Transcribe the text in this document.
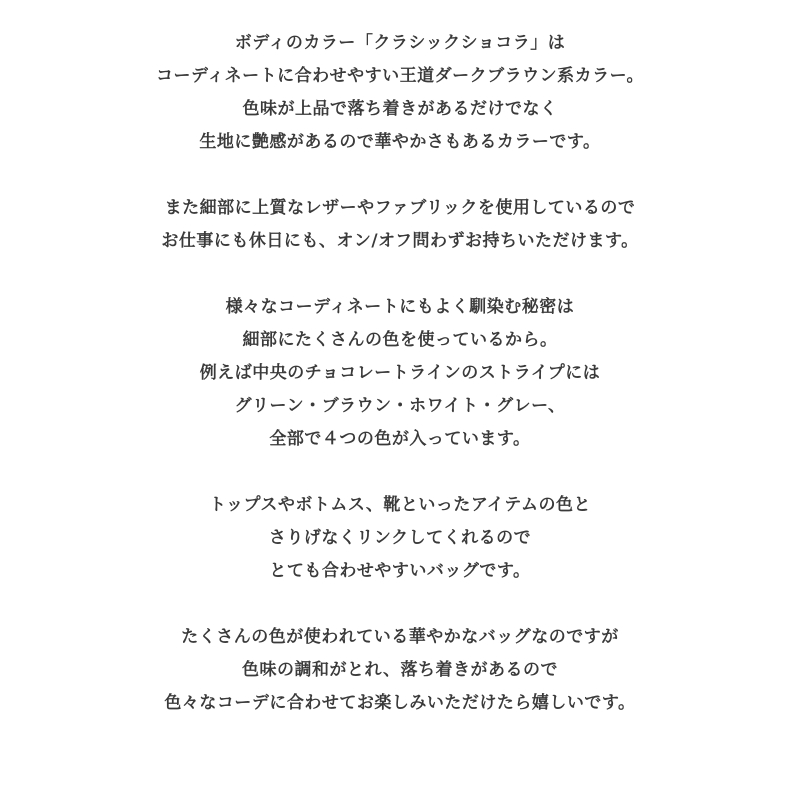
ボディのカラー「クラシックショコラ」は
コーディネートに合わせやすい王道ダークブラウン系カラー。
色味が上品で落ち着きがあるだけでなく
生地に艶感があるので華やかさもあるカラーです。
また細部に上質なレザーやファブリックを使用しているので
お仕事にも休日にも、オン/オフ問わずお持ちいただけます。
様々なコーディネートにもよく馴染む秘密は
細部にたくさんの色を使っているから。
例えば中央のチョコレートラインのストライプには
グリーン・ブラウン・ホワイト・グレー、
全部で４つの色が入っています。
トップスやボトムス、靴といったアイテムの色と
さりげなくリンクしてくれるので
とても合わせやすいバッグです。
たくさんの色が使われている華やかなバッグなのですが
色味の調和がとれ、落ち着きがあるので
色々なコーデに合わせてお楽しみいただけたら嬉しいです。
